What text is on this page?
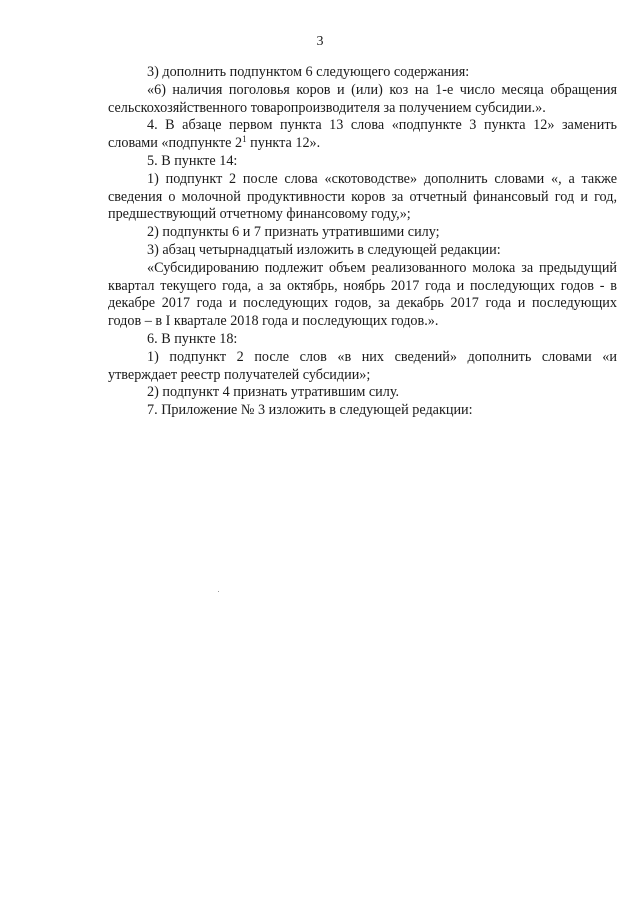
3

3) дополнить подпунктом 6 следующего содержания:

«6) наличия поголовья коров и (или) коз на 1-е число месяца обращения сельскохозяйственного товаропроизводителя за получением субсидии.».

4. В абзаце первом пункта 13 слова «подпункте 3 пункта 12» заменить словами «подпункте $2^1$ пункта 12».

5. В пункте 14:

1) подпункт 2 после слова «скотоводстве» дополнить словами «, а также сведения о молочной продуктивности коров за отчетный финансовый год и год, предшествующий отчетному финансовому году,»;

2) подпункты 6 и 7 признать утратившими силу;

3) абзац четырнадцатый изложить в следующей редакции:

«Субсидированию подлежит объем реализованного молока за предыдущий квартал текущего года, а за октябрь, ноябрь 2017 года и последующих годов - в декабре 2017 года и последующих годов, за декабрь 2017 года и последующих годов – в I квартале 2018 года и последующих годов.».

6. В пункте 18:

1) подпункт 2 после слов «в них сведений» дополнить словами «и утверждает реестр получателей субсидии»;

2) подпункт 4 признать утратившим силу.

7. Приложение № 3 изложить в следующей редакции:
